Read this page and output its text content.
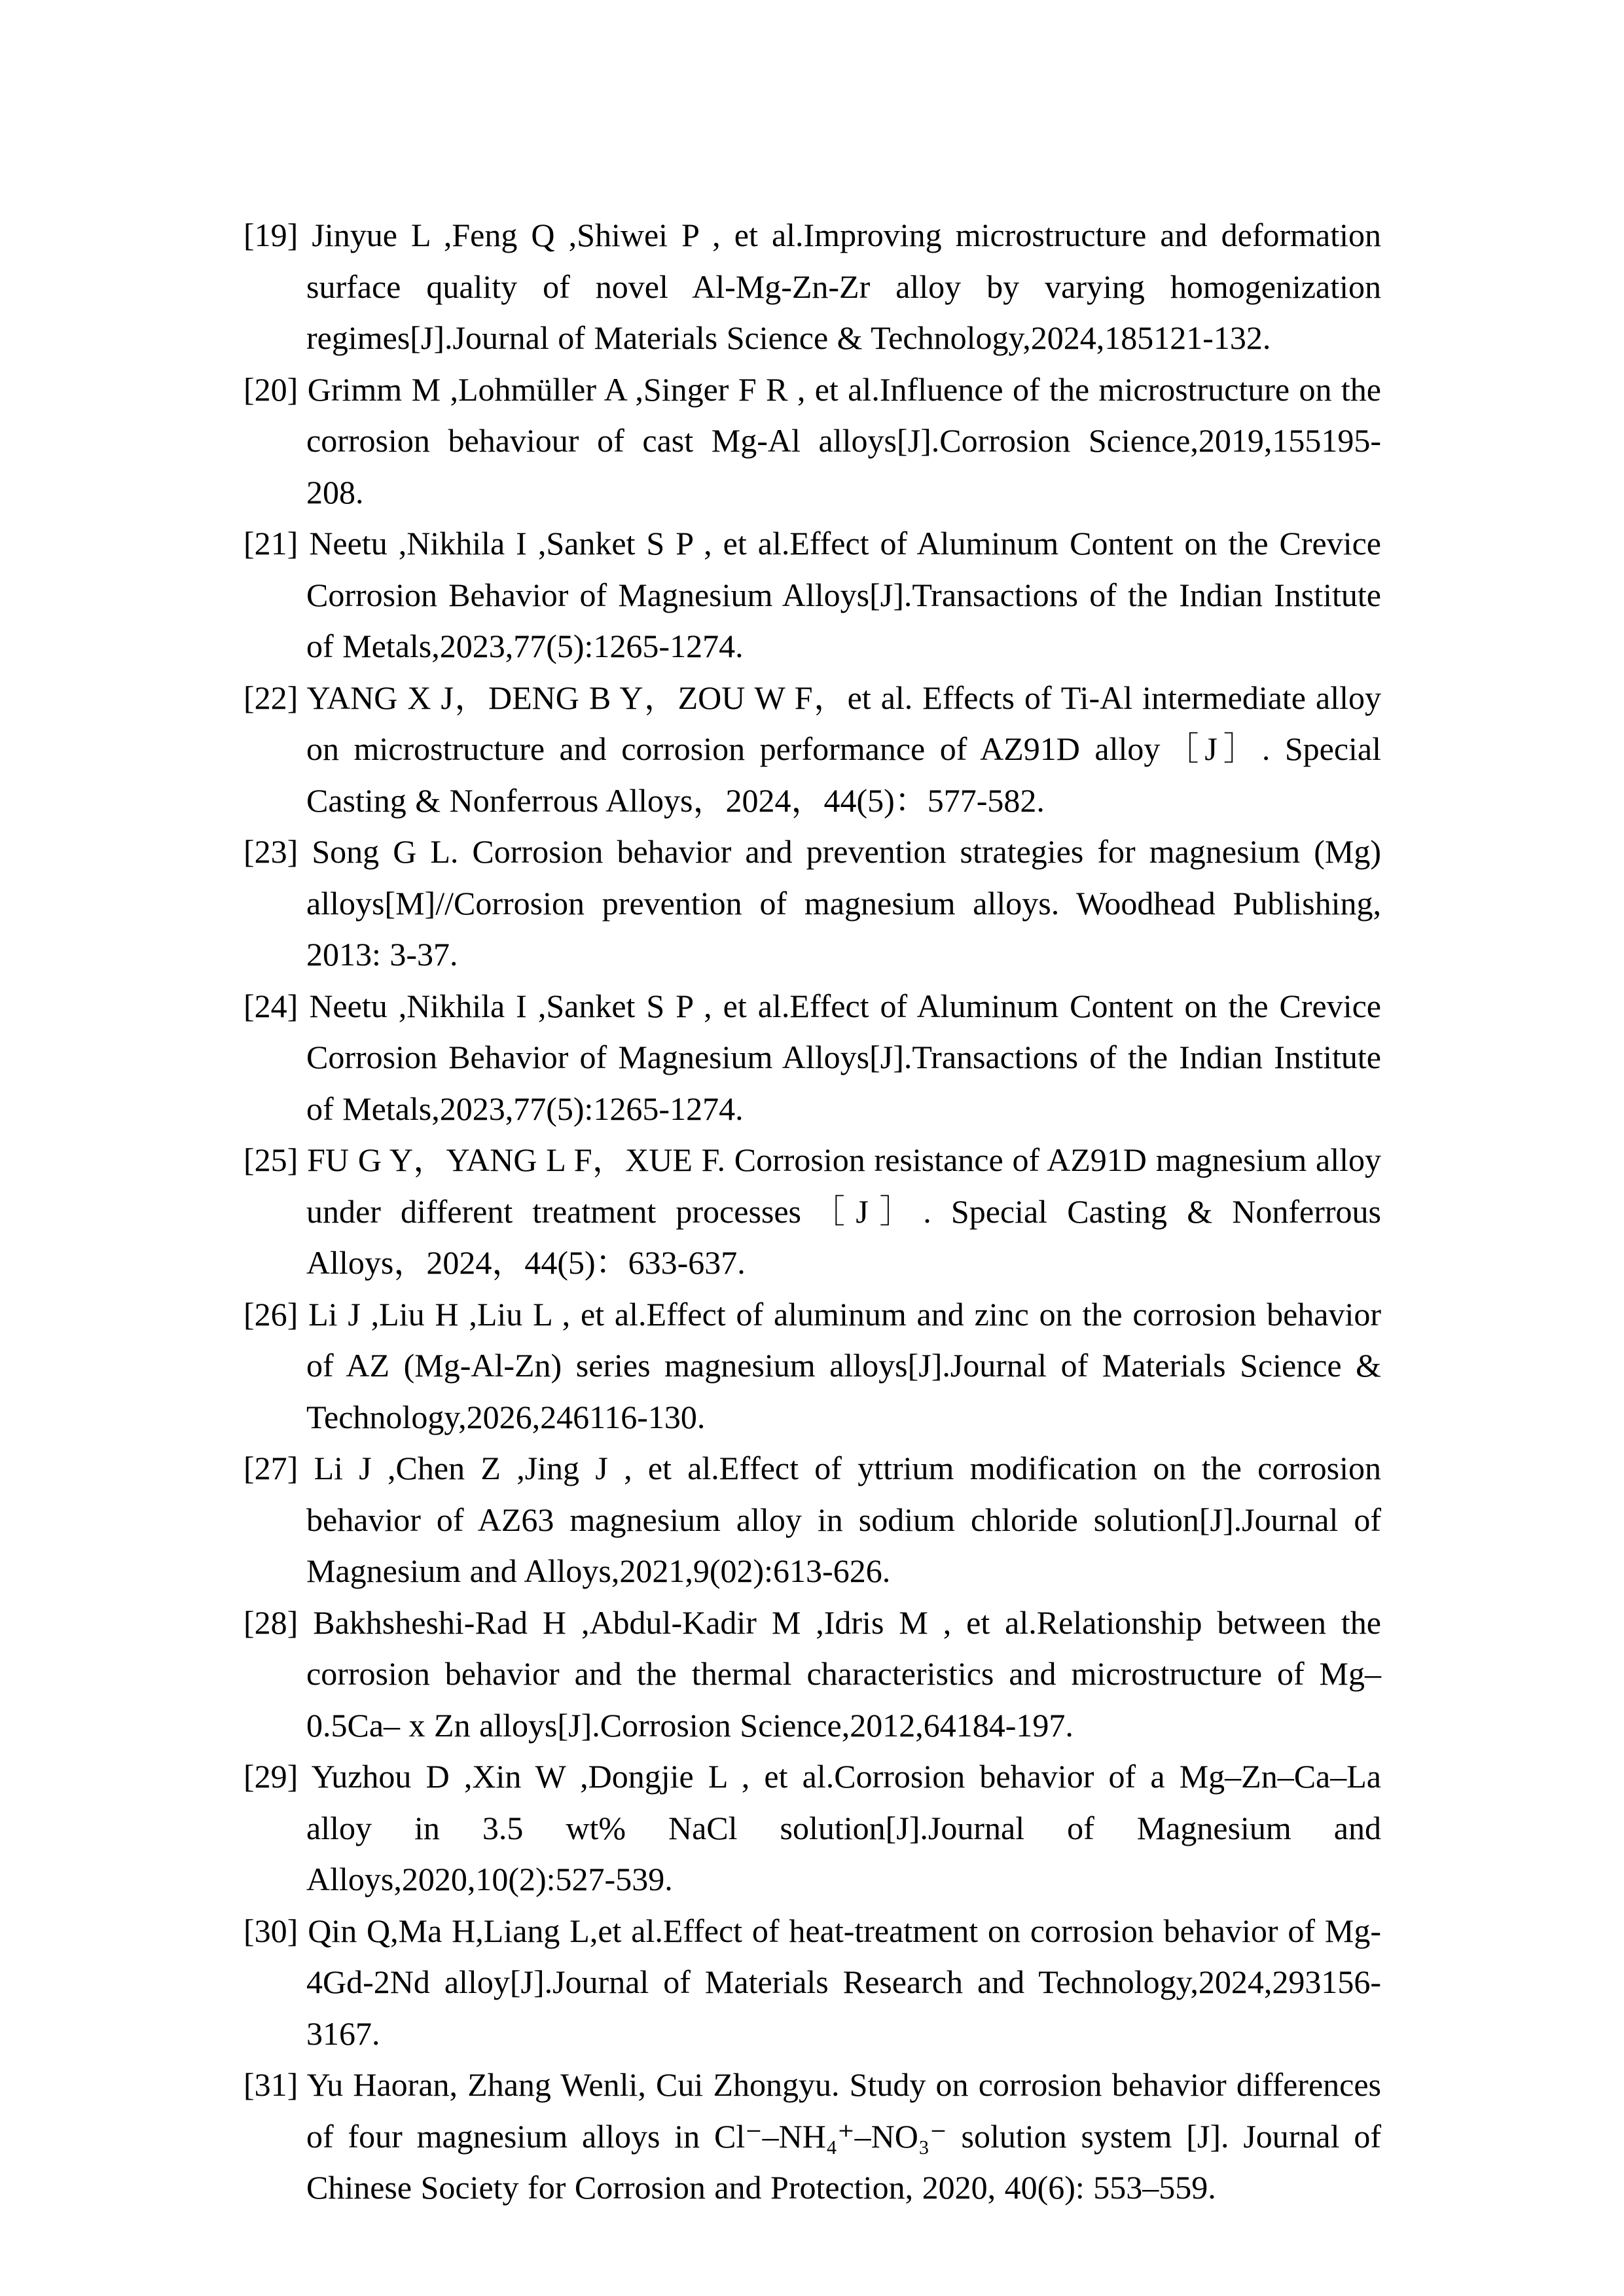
[19] Jinyue L ,Feng Q ,Shiwei P , et al.Improving microstructure and deformation surface quality of novel Al-Mg-Zn-Zr alloy by varying homogenization regimes[J].Journal of Materials Science & Technology,2024,185121-132.
[20] Grimm M ,Lohmüller A ,Singer F R , et al.Influence of the microstructure on the corrosion behaviour of cast Mg-Al alloys[J].Corrosion Science,2019,155195-208.
[21] Neetu ,Nikhila I ,Sanket S P , et al.Effect of Aluminum Content on the Crevice Corrosion Behavior of Magnesium Alloys[J].Transactions of the Indian Institute of Metals,2023,77(5):1265-1274.
[22] YANG X J，DENG B Y，ZOU W F，et al. Effects of Ti-Al intermediate alloy on microstructure and corrosion performance of AZ91D alloy［J］. Special Casting & Nonferrous Alloys，2024，44(5)：577-582.
[23] Song G L. Corrosion behavior and prevention strategies for magnesium (Mg) alloys[M]//Corrosion prevention of magnesium alloys. Woodhead Publishing, 2013: 3-37.
[24] Neetu ,Nikhila I ,Sanket S P , et al.Effect of Aluminum Content on the Crevice Corrosion Behavior of Magnesium Alloys[J].Transactions of the Indian Institute of Metals,2023,77(5):1265-1274.
[25] FU G Y，YANG L F，XUE F. Corrosion resistance of AZ91D magnesium alloy under different treatment processes［J］. Special Casting & Nonferrous Alloys，2024，44(5)：633-637.
[26] Li J ,Liu H ,Liu L , et al.Effect of aluminum and zinc on the corrosion behavior of AZ (Mg-Al-Zn) series magnesium alloys[J].Journal of Materials Science & Technology,2026,246116-130.
[27] Li J ,Chen Z ,Jing J , et al.Effect of yttrium modification on the corrosion behavior of AZ63 magnesium alloy in sodium chloride solution[J].Journal of Magnesium and Alloys,2021,9(02):613-626.
[28] Bakhsheshi-Rad H ,Abdul-Kadir M ,Idris M , et al.Relationship between the corrosion behavior and the thermal characteristics and microstructure of Mg–0.5Ca– x Zn alloys[J].Corrosion Science,2012,64184-197.
[29] Yuzhou D ,Xin W ,Dongjie L , et al.Corrosion behavior of a Mg–Zn–Ca–La alloy in 3.5 wt% NaCl solution[J].Journal of Magnesium and Alloys,2020,10(2):527-539.
[30] Qin Q,Ma H,Liang L,et al.Effect of heat-treatment on corrosion behavior of Mg-4Gd-2Nd alloy[J].Journal of Materials Research and Technology,2024,293156-3167.
[31] Yu Haoran, Zhang Wenli, Cui Zhongyu. Study on corrosion behavior differences of four magnesium alloys in Cl⁻–NH₄⁺–NO₃⁻ solution system [J]. Journal of Chinese Society for Corrosion and Protection, 2020, 40(6): 553–559.
